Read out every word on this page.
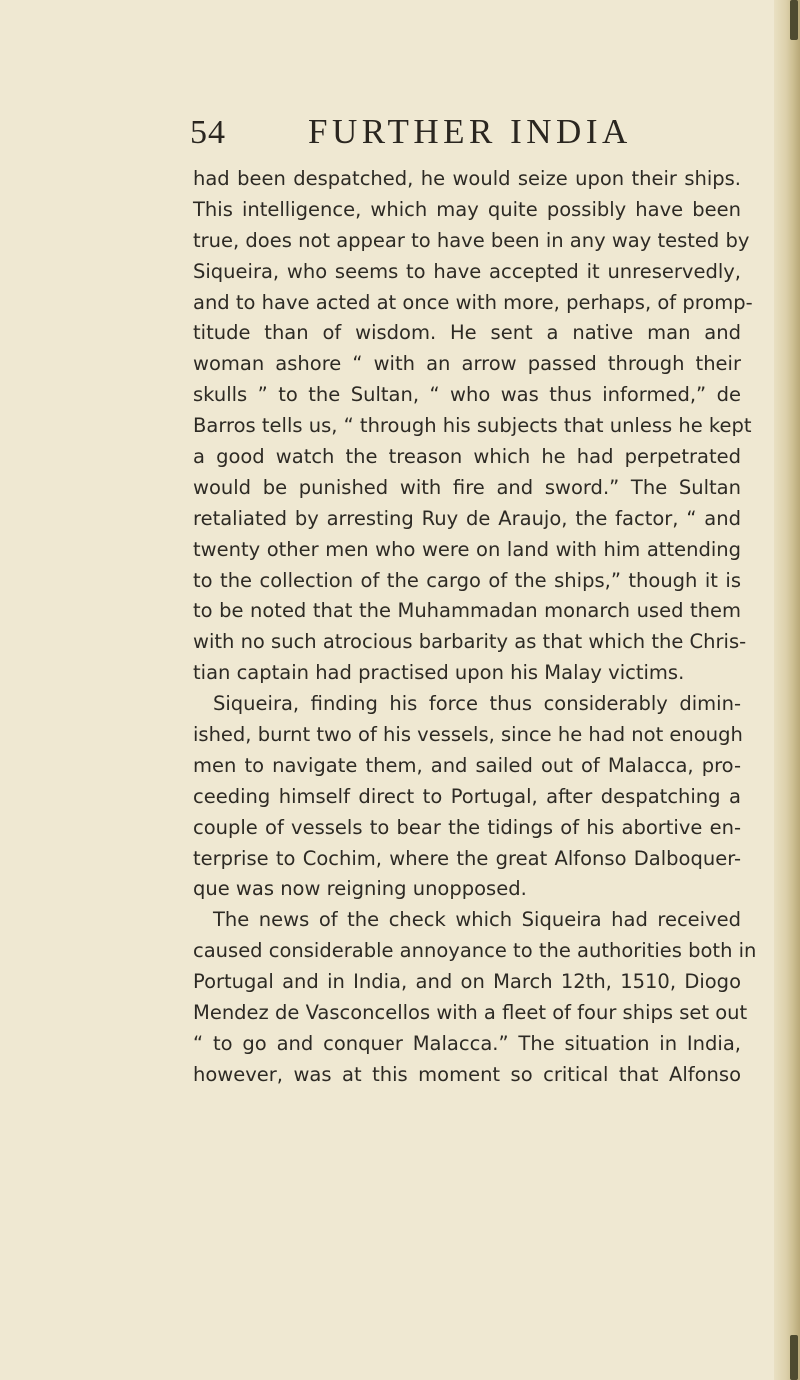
54 FURTHER INDIA
had been despatched, he would seize upon their ships.
This intelligence, which may quite possibly have been
true, does not appear to have been in any way tested by
Siqueira, who seems to have accepted it unreservedly,
and to have acted at once with more, perhaps, of promp-
titude than of wisdom. He sent a native man and
woman ashore “ with an arrow passed through their
skulls ” to the Sultan, “ who was thus informed,” de
Barros tells us, “ through his subjects that unless he kept
a good watch the treason which he had perpetrated
would be punished with fire and sword.” The Sultan
retaliated by arresting Ruy de Araujo, the factor, “ and
twenty other men who were on land with him attending
to the collection of the cargo of the ships,” though it is
to be noted that the Muhammadan monarch used them
with no such atrocious barbarity as that which the Chris-
tian captain had practised upon his Malay victims.
Siqueira, finding his force thus considerably dimin-
ished, burnt two of his vessels, since he had not enough
men to navigate them, and sailed out of Malacca, pro-
ceeding himself direct to Portugal, after despatching a
couple of vessels to bear the tidings of his abortive en-
terprise to Cochim, where the great Alfonso Dalboquer-
que was now reigning unopposed.
The news of the check which Siqueira had received
caused considerable annoyance to the authorities both in
Portugal and in India, and on March 12th, 1510, Diogo
Mendez de Vasconcellos with a fleet of four ships set out
“ to go and conquer Malacca.” The situation in India,
however, was at this moment so critical that Alfonso
